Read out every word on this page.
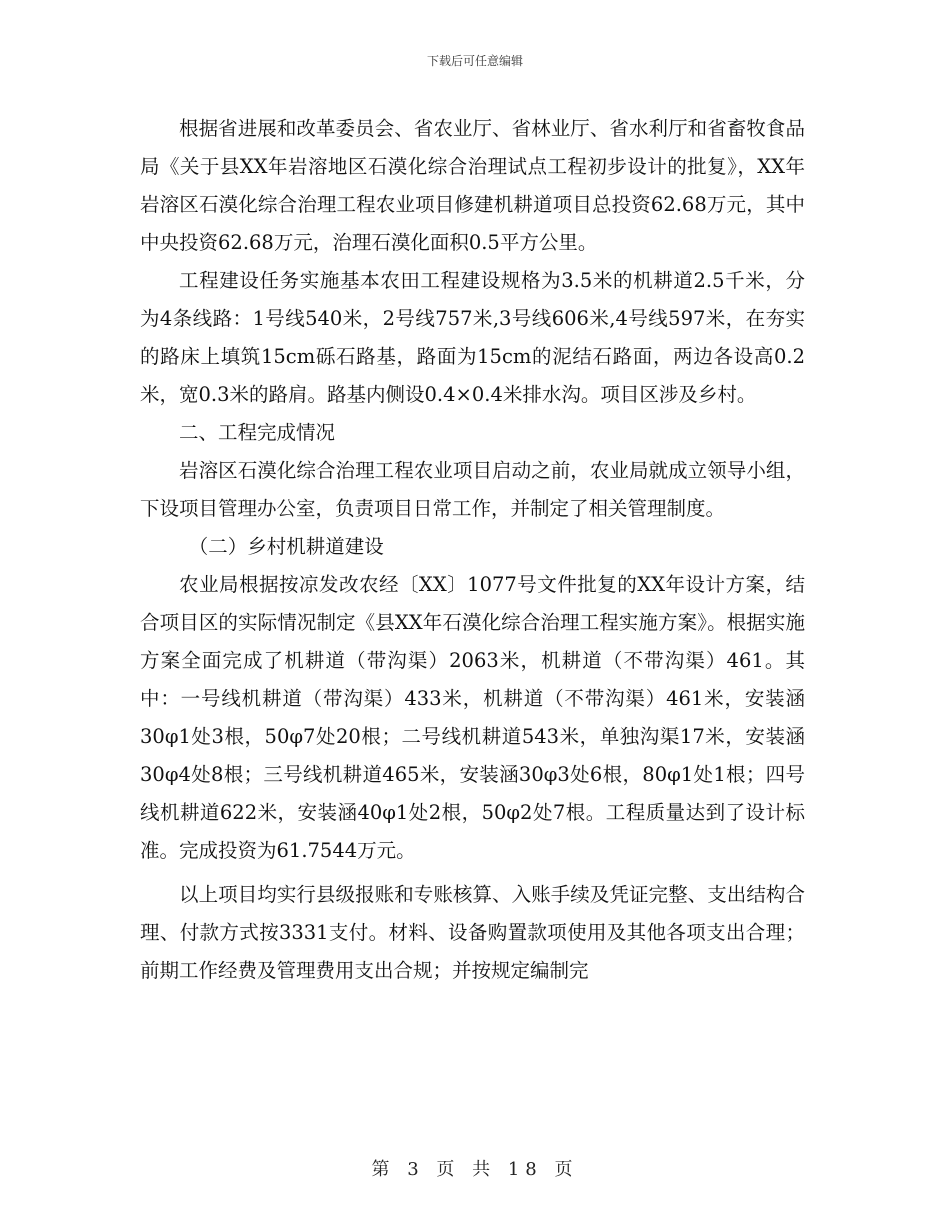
下载后可任意编辑

根据省进展和改革委员会、省农业厅、省林业厅、省水利厅和省畜牧食品局《关于县XX年岩溶地区石漠化综合治理试点工程初步设计的批复》，XX年岩溶区石漠化综合治理工程农业项目修建机耕道项目总投资62.68万元，其中中央投资62.68万元，治理石漠化面积0.5平方公里。

工程建设任务实施基本农田工程建设规格为3.5米的机耕道2.5千米，分为4条线路：1号线540米，2号线757米,3号线606米,4号线597米，在夯实的路床上填筑15cm砾石路基，路面为15cm的泥结石路面，两边各设高0.2米，宽0.3米的路肩。路基内侧设0.4×0.4米排水沟。项目区涉及乡村。

二、工程完成情况

岩溶区石漠化综合治理工程农业项目启动之前，农业局就成立领导小组，下设项目管理办公室，负责项目日常工作，并制定了相关管理制度。

（二）乡村机耕道建设

农业局根据按凉发改农经〔XX〕1077号文件批复的XX年设计方案，结合项目区的实际情况制定《县XX年石漠化综合治理工程实施方案》。根据实施方案全面完成了机耕道（带沟渠）2063米，机耕道（不带沟渠）461。其中：一号线机耕道（带沟渠）433米，机耕道（不带沟渠）461米，安装涵30φ1处3根，50φ7处20根；二号线机耕道543米，单独沟渠17米，安装涵30φ4处8根；三号线机耕道465米，安装涵30φ3处6根，80φ1处1根；四号线机耕道622米，安装涵40φ1处2根，50φ2处7根。工程质量达到了设计标准。完成投资为61.7544万元。

以上项目均实行县级报账和专账核算、入账手续及凭证完整、支出结构合理、付款方式按3331支付。材料、设备购置款项使用及其他各项支出合理；前期工作经费及管理费用支出合规；并按规定编制完

第 3 页 共 18 页
